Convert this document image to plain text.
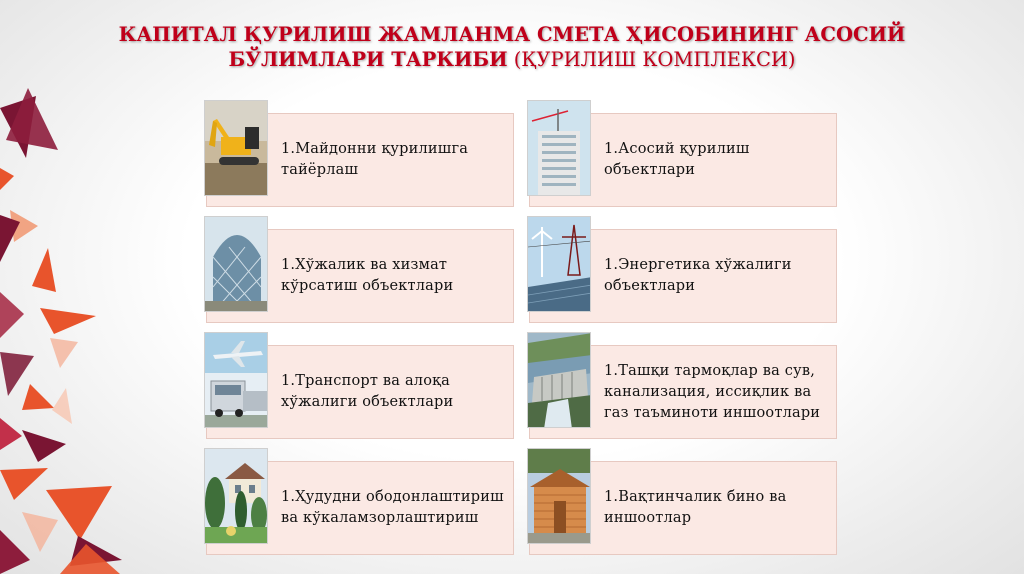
КАПИТАЛ ҚУРИЛИШ ЖАМЛАНМА СМЕТА ҲИСОБИНИНГ АСОСИЙ
БЎЛИМЛАРИ ТАРКИБИ (ҚУРИЛИШ КОМПЛЕКСИ)
1.Майдонни қурилишга тайёрлаш
1.Асосий қурилиш объектлари
1.Хўжалик ва хизмат кўрсатиш объектлари
1.Энергетика хўжалиги объектлари
1.Транспорт ва алоқа хўжалиги объектлари
1.Ташқи тармоқлар ва сув, канализация, иссиқлик ва газ таъминоти иншоотлари
1.Ҳудудни ободонлаштириш ва кўкаламзорлаштириш
1.Вақтинчалик бино ва иншоотлар
